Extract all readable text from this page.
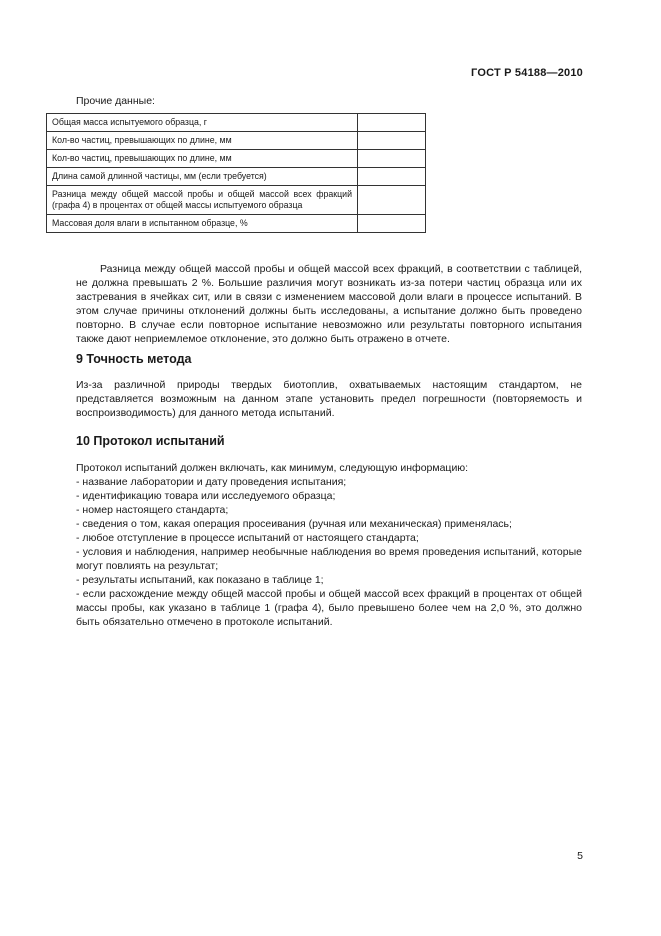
ГОСТ Р 54188—2010
Прочие данные:
Общая масса испытуемого образца, г	
Кол-во частиц, превышающих по длине, мм	
Кол-во частиц, превышающих по длине, мм	
Длина самой длинной частицы, мм (если требуется)	
Разница между общей массой пробы и общей массой всех фракций (графа 4) в процентах от общей массы испытуемого образца	
Массовая доля влаги в испытанном образце, %	

Разница между общей массой пробы и общей массой всех фракций, в соответствии с таблицей, не должна превышать 2 %. Большие различия могут возникать из-за потери частиц образца или их застревания в ячейках сит, или в связи с изменением массовой доли влаги в процессе испытаний. В этом случае причины отклонений должны быть исследованы, а испытание должно быть проведено повторно. В случае если повторное испытание невозможно или результаты повторного испытания также дают неприемлемое отклонение, это должно быть отражено в отчете.

9 Точность метода

Из-за различной природы твердых биотоплив, охватываемых настоящим стандартом, не представляется возможным на данном этапе установить предел погрешности (повторяемость и воспроизводимость) для данного метода испытаний.

10 Протокол испытаний
Протокол испытаний должен включать, как минимум, следующую информацию:
- название лаборатории и дату проведения испытания;
- идентификацию товара или исследуемого образца;
- номер настоящего стандарта;
- сведения о том, какая операция просеивания (ручная или механическая) применялась;
- любое отступление в процессе испытаний от настоящего стандарта;
- условия и наблюдения, например необычные наблюдения во время проведения испытаний, которые могут повлиять на результат;
- результаты испытаний, как показано в таблице 1;
- если расхождение между общей массой пробы и общей массой всех фракций в процентах от общей массы пробы, как указано в таблице 1 (графа 4), было превышено более чем на 2,0 %, это должно быть обязательно отмечено в протоколе испытаний.
5
